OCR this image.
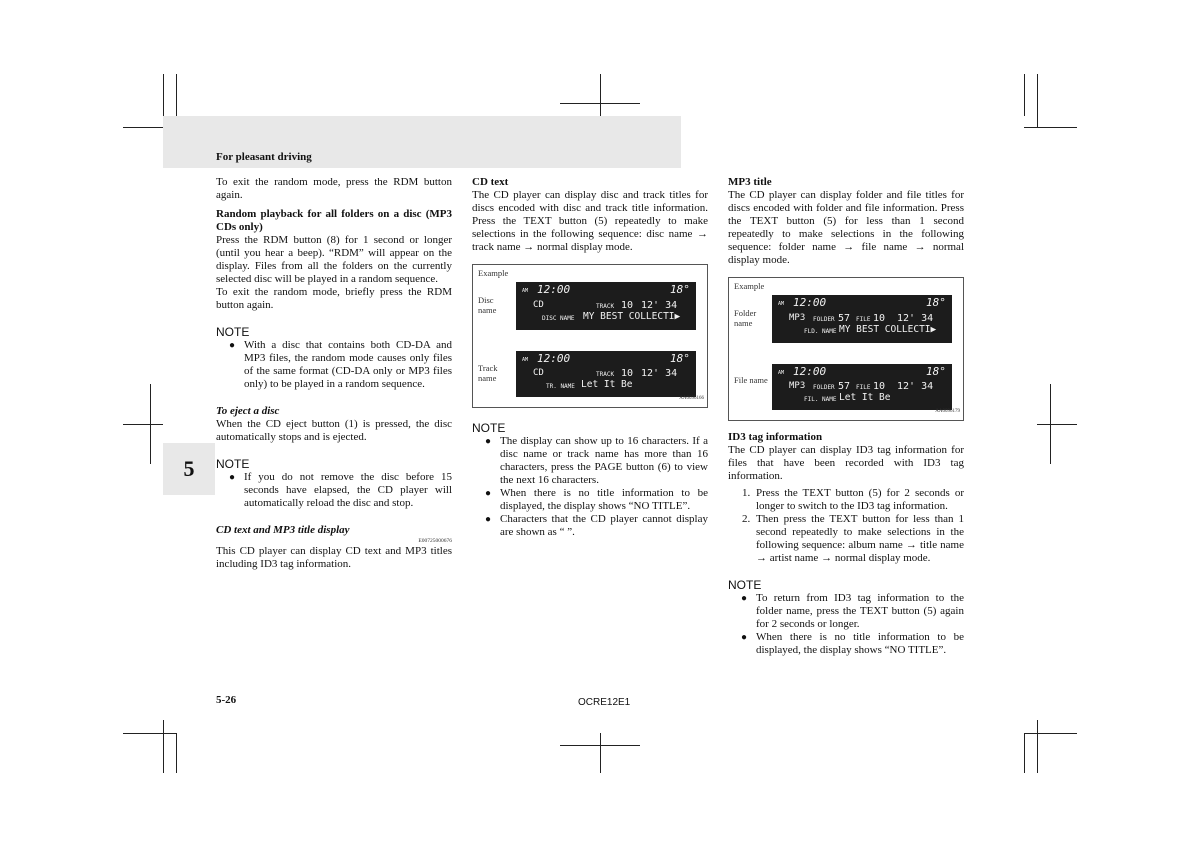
For pleasant driving
5

To exit the random mode, press the RDM button again.

Random playback for all folders on a disc (MP3 CDs only)

Press the RDM button (8) for 1 second or longer (until you hear a beep). “RDM” will appear on the display. Files from all the folders on the currently selected disc will be played in a random sequence.

To exit the random mode, briefly press the RDM button again.

NOTE

● With a disc that contains both CD-DA and MP3 files, the random mode causes only files of the same format (CD-DA only or MP3 files only) to be played in a random sequence.

To eject a disc

When the CD eject button (1) is pressed, the disc automatically stops and is ejected.

NOTE

● If you do not remove the disc before 15 seconds have elapsed, the CD player will automatically reload the disc and stop.

CD text and MP3 title display

E00725000676

This CD player can display CD text and MP3 titles including ID3 tag information.

CD text

The CD player can display disc and track titles for discs encoded with disc and track title information. Press the TEXT button (5) repeatedly to make selections in the following sequence: disc name → track name → normal display mode.

Example
Disc name
Track name
AM 12:00	18°
CD	TRACK 10 12' 34
DISC NAME MY BEST COLLECTI▶
AM 12:00	18°
CD	TRACK 10 12' 34
TR. NAME Let It Be
AA0096166

NOTE

● The display can show up to 16 characters. If a disc name or track name has more than 16 characters, press the PAGE button (6) to view the next 16 characters.
● When there is no title information to be displayed, the display shows “NO TITLE”.
● Characters that the CD player cannot display are shown as “ ”.

MP3 title

The CD player can display folder and file titles for discs encoded with folder and file information. Press the TEXT button (5) for less than 1 second repeatedly to make selections in the following sequence: folder name → file name → normal display mode.

Example
Folder name
File name
AM 12:00	18°
MP3 FOLDER 57 FILE 10 12' 34
FLD. NAME MY BEST COLLECTI▶
AM 12:00	18°
MP3 FOLDER 57 FILE 10 12' 34
FIL. NAME Let It Be
AA0096179

ID3 tag information

The CD player can display ID3 tag information for files that have been recorded with ID3 tag information.

1. Press the TEXT button (5) for 2 seconds or longer to switch to the ID3 tag information.
2. Then press the TEXT button for less than 1 second repeatedly to make selections in the following sequence: album name → title name → artist name → normal display mode.

NOTE

● To return from ID3 tag information to the folder name, press the TEXT button (5) again for 2 seconds or longer.
● When there is no title information to be displayed, the display shows “NO TITLE”.
5-26	OCRE12E1
